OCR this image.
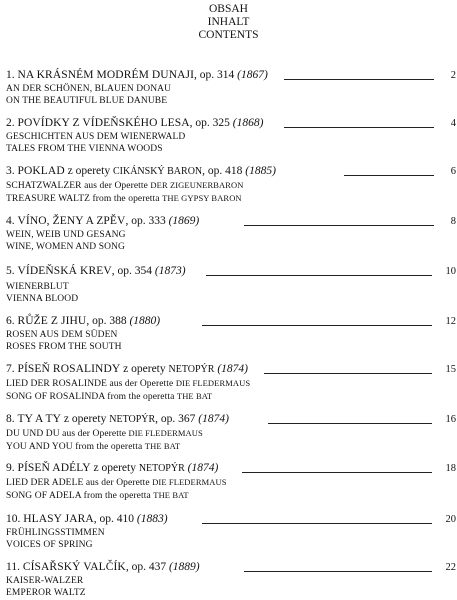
OBSAH
INHALT
CONTENTS
1. NA KRÁSNÉM MODRÉM DUNAJI, op. 314 (1867)	2
AN DER SCHÖNEN, BLAUEN DONAU
ON THE BEAUTIFUL BLUE DANUBE
2. POVÍDKY Z VÍDEŇSKÉHO LESA, op. 325 (1868)	4
GESCHICHTEN AUS DEM WIENERWALD
TALES FROM THE VIENNA WOODS
3. POKLAD z operety CIKÁNSKÝ BARON, op. 418 (1885)	6
SCHATZWALZER aus der Operette DER ZIGEUNERBARON
TREASURE WALTZ from the operetta THE GYPSY BARON
4. VÍNO, ŽENY A ZPĚV, op. 333 (1869)	8
WEIN, WEIB UND GESANG
WINE, WOMEN AND SONG
5. VÍDEŇSKÁ KREV, op. 354 (1873)	10
WIENERBLUT
VIENNA BLOOD
6. RŮŽE Z JIHU, op. 388 (1880)	12
ROSEN AUS DEM SÜDEN
ROSES FROM THE SOUTH
7. PÍSEŇ ROSALINDY z operety NETOPÝR (1874)	15
LIED DER ROSALINDE aus der Operette DIE FLEDERMAUS
SONG OF ROSALINDA from the operetta THE BAT
8. TY A TY z operety NETOPÝR, op. 367 (1874)	16
DU UND DU aus der Operette DIE FLEDERMAUS
YOU AND YOU from the operetta THE BAT
9. PÍSEŇ ADÉLY z operety NETOPÝR (1874)	18
LIED DER ADELE aus der Operette DIE FLEDERMAUS
SONG OF ADELA from the operetta THE BAT
10. HLASY JARA, op. 410 (1883)	20
FRÜHLINGSSTIMMEN
VOICES OF SPRING
11. CÍSAŘSKÝ VALČÍK, op. 437 (1889)	22
KAISER-WALZER
EMPEROR WALTZ
